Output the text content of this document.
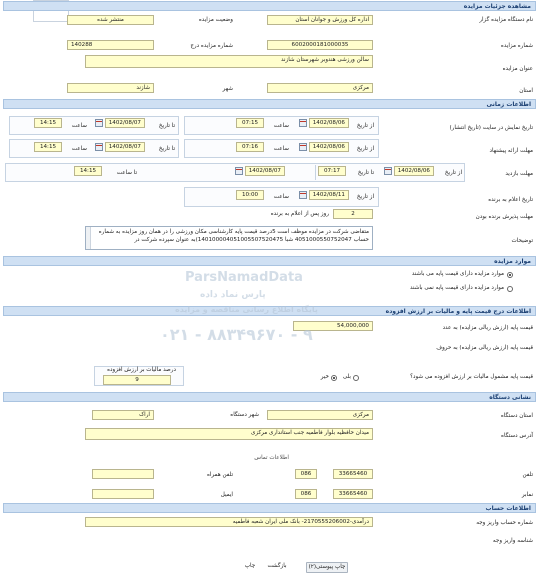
مشاهده جزئیات مزایده
نام دستگاه مزایده گزار
اداره کل ورزش و جوانان استان
وضعیت مزایده
منتشر شده
شماره مزایده
6002000181000035
شماره مزایده درج
140288
عنوان مزایده
سالن ورزشی هندوبر شهرستان شازند
استان
مرکزی
شهر
شازند
اطلاعات زمانی
تاریخ نمایش در سایت (تاریخ انتشار)
از تاریخ
1402/08/06
ساعت
07:15
تا تاریخ
1402/08/07
ساعت
14:15
مهلت ارائه پیشنهاد
از تاریخ
1402/08/06
ساعت
07:16
تا تاریخ
1402/08/07
ساعت
14:15
مهلت بازدید
از تاریخ
1402/08/06
تا تاریخ
07:17
1402/08/07
تا ساعت
14:15
تاریخ اعلام به برنده
از تاریخ
1402/08/11
ساعت
10:00
مهلت پذیرش برنده بودن
2
روز پس از اعلام به برنده
توضیحات
متقاضی شرکت در مزایده موظف است 5درصد قیمت پایه کارشناسی مکان ورزشی را در همان روز مزایده به شماره حساب 4051000550752047 شبا 140100004051005507520475)به عنوان سپرده شرکت در
موارد مزایده
موارد مزایده دارای قیمت پایه می باشند
موارد مزایده دارای قیمت پایه نمی باشند
اطلاعات درج قیمت پایه و مالیات بر ارزش افزوده
قیمت پایه (ارزش ریالی مزایده) به عدد
54,000,000
قیمت پایه (ارزش ریالی مزایده) به حروف
قیمت پایه مشمول مالیات بر ارزش افزوده می شود؟
بلی
خیر
درصد مالیات بر ارزش افزوده
9
نشانی دستگاه
استان دستگاه
مرکزی
شهر دستگاه
اراک
آدرس دستگاه
میدان حافظیه بلوار فاطمیه جنب استانداری مرکزی
اطلاعات تماس
تلفن
33665460
086
تلفن همراه
نمابر
33665460
086
ایمیل
اطلاعات حساب
شماره حساب واریز وجه
درآمدی-2170555206002- بانک ملی ایران شعبه فاطمیه
شناسه واریز وجه
چاپ پیوستی(۲)
بازگشت
چاپ
ParsNamadData
پارس نماد داده
پایگاه اطلاع رسانی مناقصه و مزایده
۰۲۱ - ۸۸۳۴۹۶۷۰ - ۹
